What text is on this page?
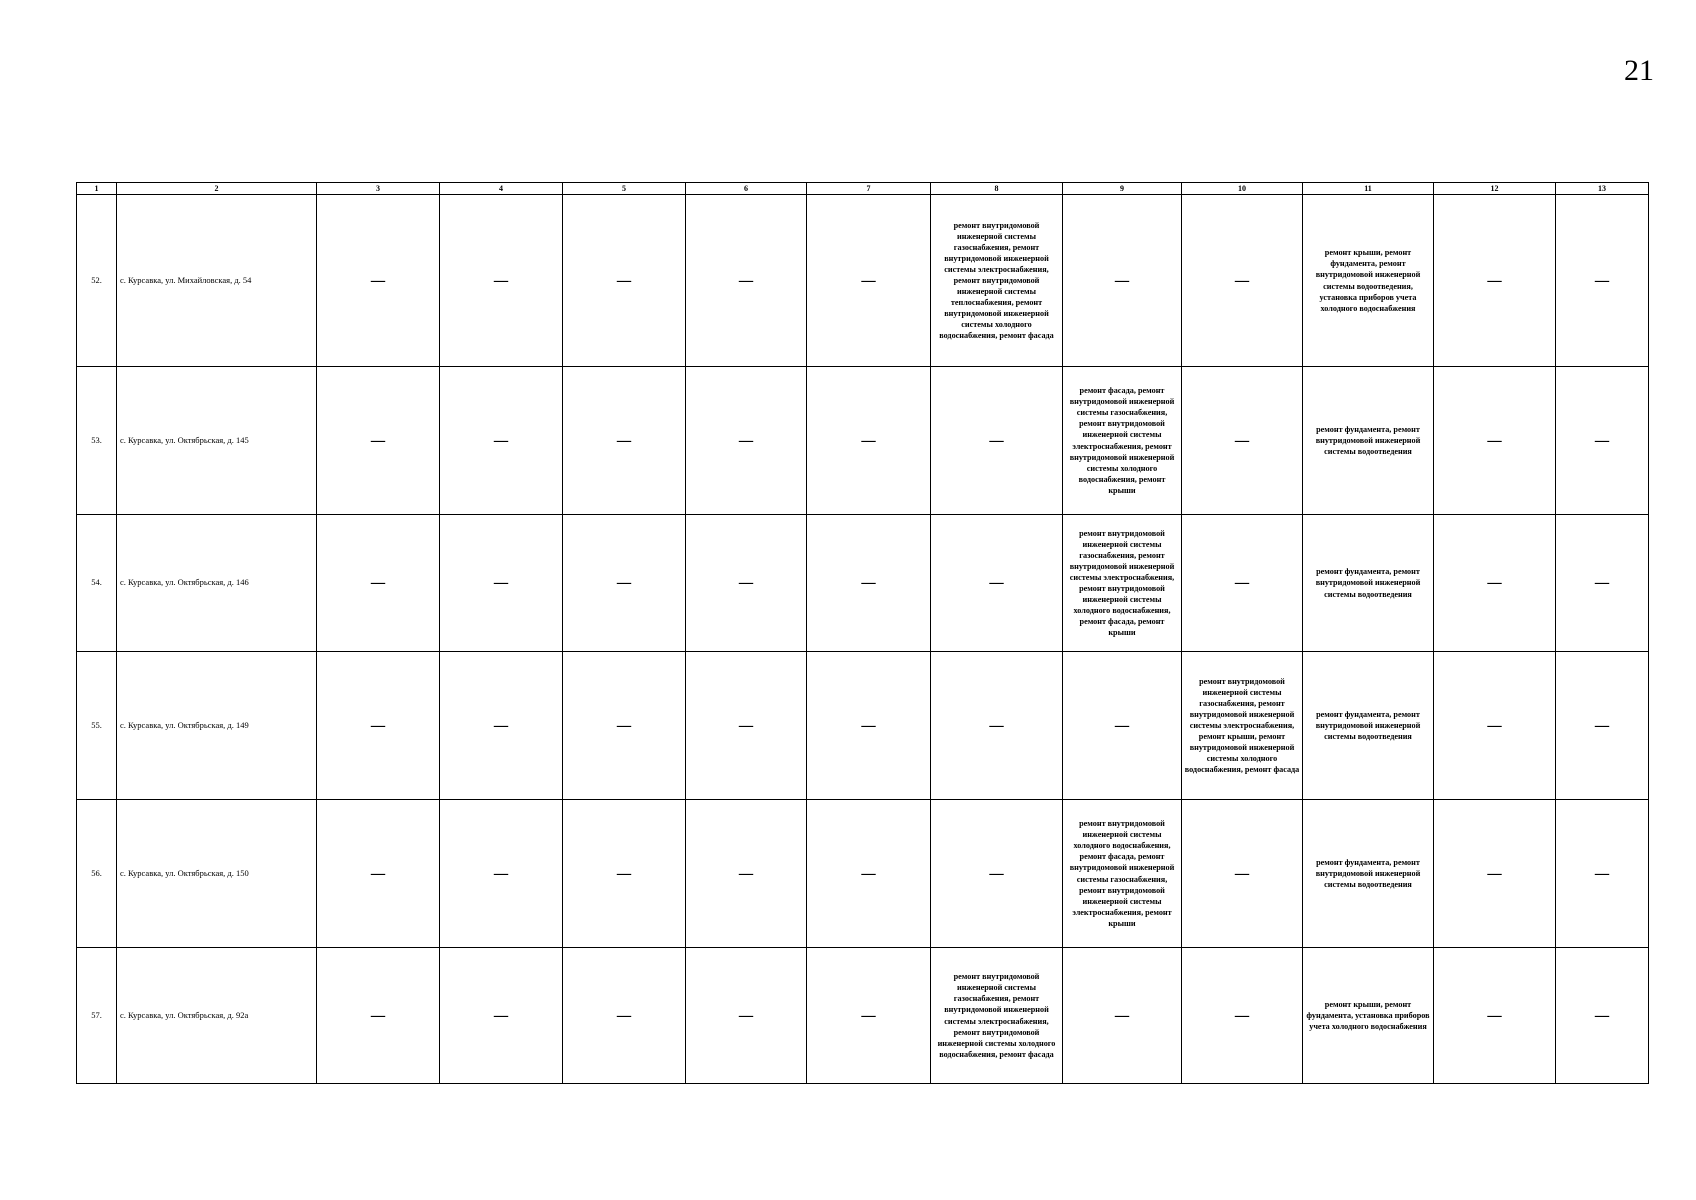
21
1	2	3	4	5	6	7	8	9	10	11	12	13
52.	с. Курсавка, ул. Михайловская, д. 54	—	—	—	—	—	ремонт внутридомовой инженерной системы газоснабжения, ремонт внутридомовой инженерной системы электроснабжения, ремонт внутридомовой инженерной системы теплоснабжения, ремонт внутридомовой инженерной системы холодного водоснабжения, ремонт фасада	—	—	ремонт крыши, ремонт фундамента, ремонт внутридомовой инженерной системы водоотведения, установка приборов учета холодного водоснабжения	—	—
53.	с. Курсавка, ул. Октябрьская, д. 145	—	—	—	—	—	—	ремонт фасада, ремонт внутридомовой инженерной системы газоснабжения, ремонт внутридомовой инженерной системы электроснабжения, ремонт внутридомовой инженерной системы холодного водоснабжения, ремонт крыши	—	ремонт фундамента, ремонт внутридомовой инженерной системы водоотведения	—	—
54.	с. Курсавка, ул. Октябрьская, д. 146	—	—	—	—	—	—	ремонт внутридомовой инженерной системы газоснабжения, ремонт внутридомовой инженерной системы электроснабжения, ремонт внутридомовой инженерной системы холодного водоснабжения, ремонт фасада, ремонт крыши	—	ремонт фундамента, ремонт внутридомовой инженерной системы водоотведения	—	—
55.	с. Курсавка, ул. Октябрьская, д. 149	—	—	—	—	—	—	—	ремонт внутридомовой инженерной системы газоснабжения, ремонт внутридомовой инженерной системы электроснабжения, ремонт крыши, ремонт внутридомовой инженерной системы холодного водоснабжения, ремонт фасада	ремонт фундамента, ремонт внутридомовой инженерной системы водоотведения	—	—
56.	с. Курсавка, ул. Октябрьская, д. 150	—	—	—	—	—	—	ремонт внутридомовой инженерной системы холодного водоснабжения, ремонт фасада, ремонт внутридомовой инженерной системы газоснабжения, ремонт внутридомовой инженерной системы электроснабжения, ремонт крыши	—	ремонт фундамента, ремонт внутридомовой инженерной системы водоотведения	—	—
57.	с. Курсавка, ул. Октябрьская, д. 92а	—	—	—	—	—	ремонт внутридомовой инженерной системы газоснабжения, ремонт внутридомовой инженерной системы электроснабжения, ремонт внутридомовой инженерной системы холодного водоснабжения, ремонт фасада	—	—	ремонт крыши, ремонт фундамента, установка приборов учета холодного водоснабжения	—	—
